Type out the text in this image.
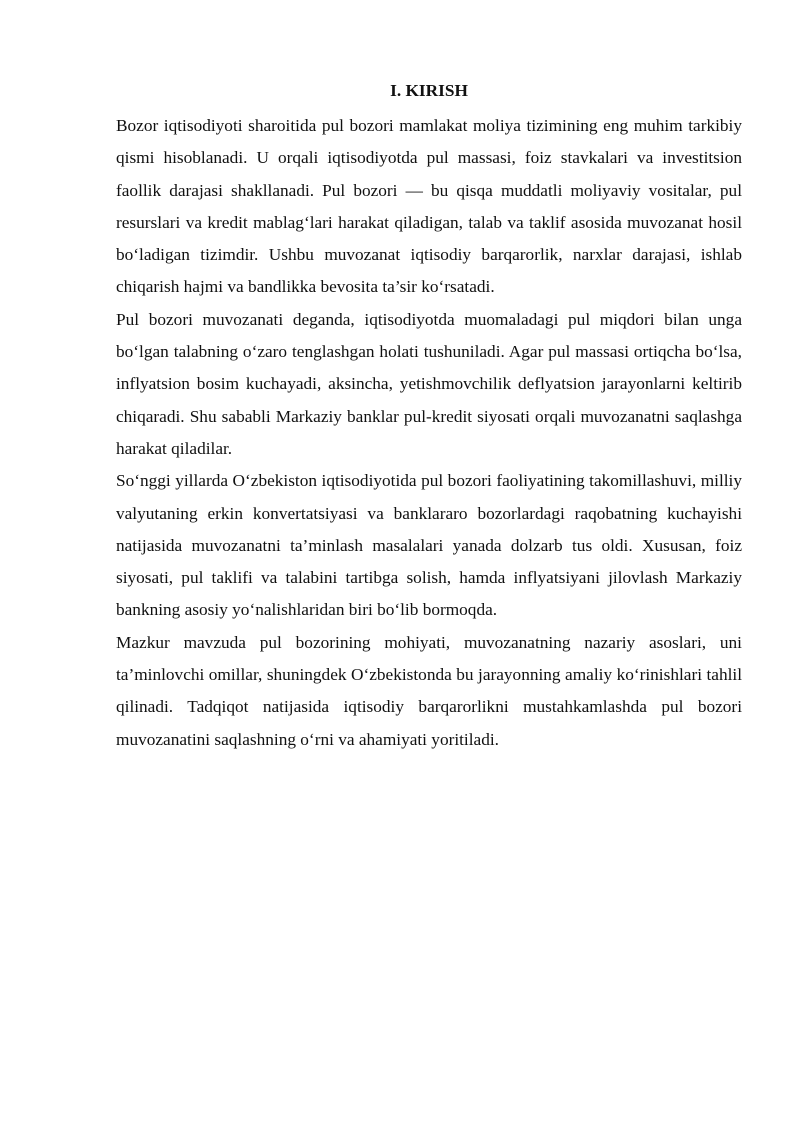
I. KIRISH

Bozor iqtisodiyoti sharoitida pul bozori mamlakat moliya tizimining eng muhim tarkibiy qismi hisoblanadi. U orqali iqtisodiyotda pul massasi, foiz stavkalari va investitsion faollik darajasi shakllanadi. Pul bozori — bu qisqa muddatli moliyaviy vositalar, pul resurslari va kredit mablag‘lari harakat qiladigan, talab va taklif asosida muvozanat hosil bo‘ladigan tizimdir. Ushbu muvozanat iqtisodiy barqarorlik, narxlar darajasi, ishlab chiqarish hajmi va bandlikka bevosita ta’sir ko‘rsatadi.

Pul bozori muvozanati deganda, iqtisodiyotda muomaladagi pul miqdori bilan unga bo‘lgan talabning o‘zaro tenglashgan holati tushuniladi. Agar pul massasi ortiqcha bo‘lsa, inflyatsion bosim kuchayadi, aksincha, yetishmovchilik deflyatsion jarayonlarni keltirib chiqaradi. Shu sababli Markaziy banklar pul-kredit siyosati orqali muvozanatni saqlashga harakat qiladilar.

So‘nggi yillarda O‘zbekiston iqtisodiyotida pul bozori faoliyatining takomillashuvi, milliy valyutaning erkin konvertatsiyasi va banklararo bozorlardagi raqobatning kuchayishi natijasida muvozanatni ta’minlash masalalari yanada dolzarb tus oldi. Xususan, foiz siyosati, pul taklifi va talabini tartibga solish, hamda inflyatsiyani jilovlash Markaziy bankning asosiy yo‘nalishlaridan biri bo‘lib bormoqda.

Mazkur mavzuda pul bozorining mohiyati, muvozanatning nazariy asoslari, uni ta’minlovchi omillar, shuningdek O‘zbekistonda bu jarayonning amaliy ko‘rinishlari tahlil qilinadi. Tadqiqot natijasida iqtisodiy barqarorlikni mustahkamlashda pul bozori muvozanatini saqlashning o‘rni va ahamiyati yoritiladi.
